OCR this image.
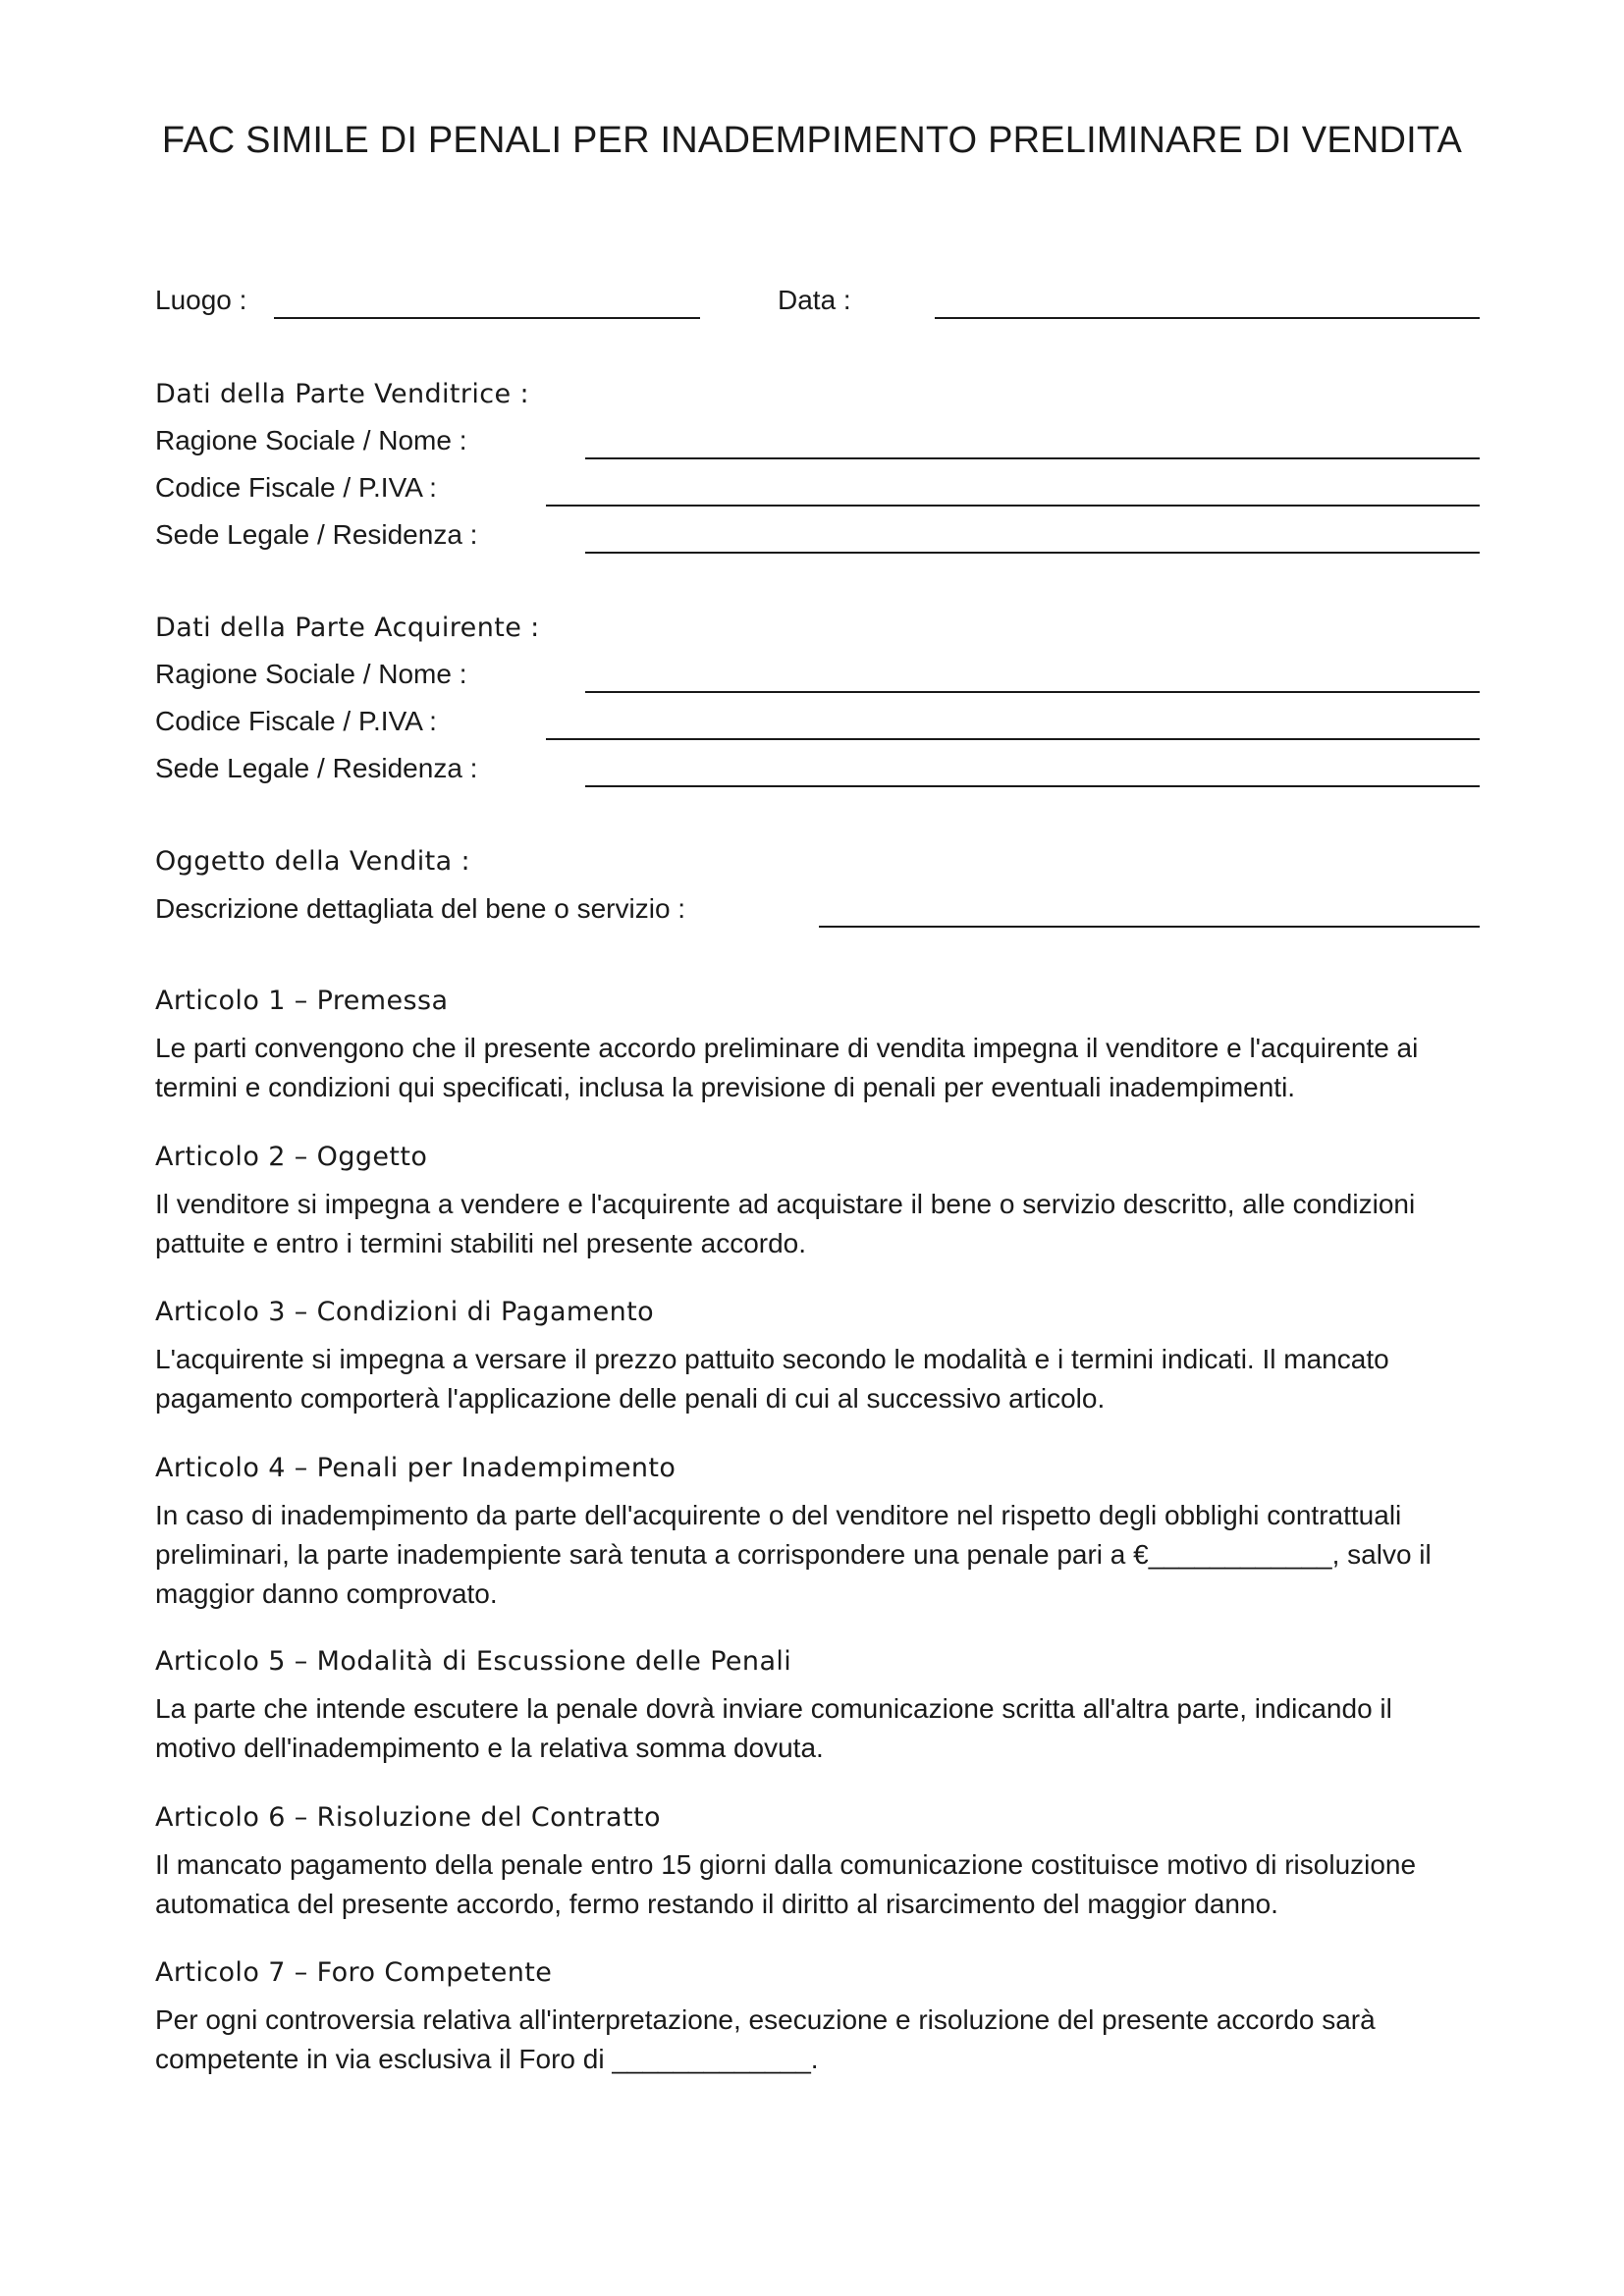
FAC SIMILE DI PENALI PER INADEMPIMENTO PRELIMINARE DI VENDITA
Luogo :	Data :
Dati della Parte Venditrice :
Ragione Sociale / Nome :
Codice Fiscale / P.IVA :
Sede Legale / Residenza :
Dati della Parte Acquirente :
Ragione Sociale / Nome :
Codice Fiscale / P.IVA :
Sede Legale / Residenza :
Oggetto della Vendita :
Descrizione dettagliata del bene o servizio :
Articolo 1 – Premessa
Le parti convengono che il presente accordo preliminare di vendita impegna il venditore e l'acquirente ai termini e condizioni qui specificati, inclusa la previsione di penali per eventuali inadempimenti.
Articolo 2 – Oggetto
Il venditore si impegna a vendere e l'acquirente ad acquistare il bene o servizio descritto, alle condizioni pattuite e entro i termini stabiliti nel presente accordo.
Articolo 3 – Condizioni di Pagamento
L'acquirente si impegna a versare il prezzo pattuito secondo le modalità e i termini indicati. Il mancato pagamento comporterà l'applicazione delle penali di cui al successivo articolo.
Articolo 4 – Penali per Inadempimento
In caso di inadempimento da parte dell'acquirente o del venditore nel rispetto degli obblighi contrattuali preliminari, la parte inadempiente sarà tenuta a corrispondere una penale pari a €____________, salvo il maggior danno comprovato.
Articolo 5 – Modalità di Escussione delle Penali
La parte che intende escutere la penale dovrà inviare comunicazione scritta all'altra parte, indicando il motivo dell'inadempimento e la relativa somma dovuta.
Articolo 6 – Risoluzione del Contratto
Il mancato pagamento della penale entro 15 giorni dalla comunicazione costituisce motivo di risoluzione automatica del presente accordo, fermo restando il diritto al risarcimento del maggior danno.
Articolo 7 – Foro Competente
Per ogni controversia relativa all'interpretazione, esecuzione e risoluzione del presente accordo sarà competente in via esclusiva il Foro di _____________.
